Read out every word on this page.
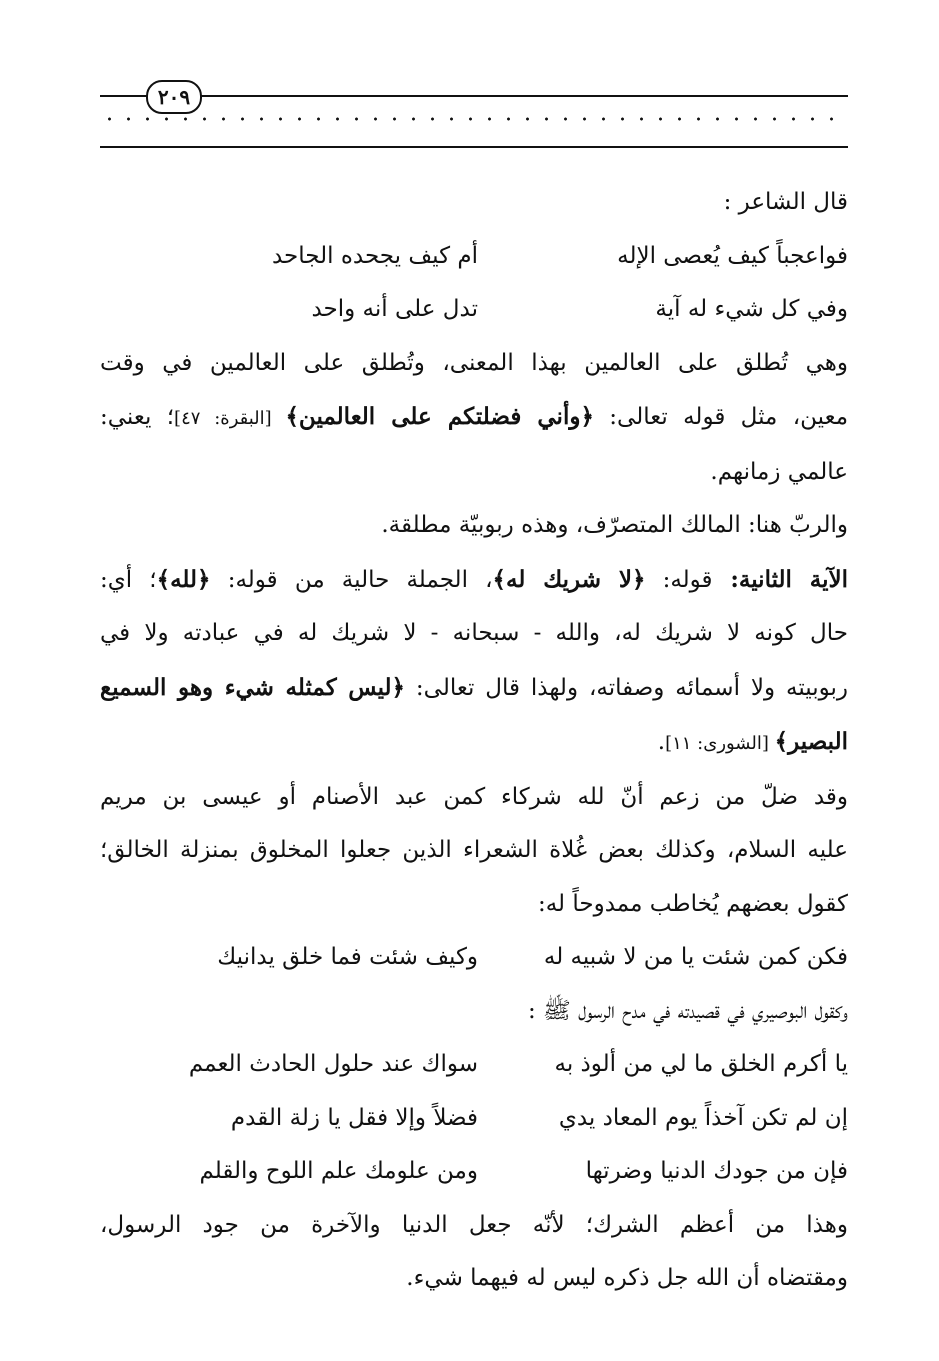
٢٠٩

قال الشاعر :

فواعجباً كيف يُعصى الإله
أم كيف يجحده الجاحد
وفي كل شيء له آية
تدل على أنه واحد

وهي تُطلق على العالمين بهذا المعنى، وتُطلق على العالمين في وقت

معين، مثل قوله تعالى: ﴿وأني فضلتكم على العالمين﴾ [البقرة: ٤٧]؛ يعني:

عالمي زمانهم.

والربّ هنا: المالك المتصرّف، وهذه ربوبيّة مطلقة.

الآية الثانية: قوله: ﴿لا شريك له﴾، الجملة حالية من قوله: ﴿لله﴾؛ أي:

حال كونه لا شريك له، والله - سبحانه - لا شريك له في عبادته ولا في

ربوبيته ولا أسمائه وصفاته، ولهذا قال تعالى: ﴿ليس كمثله شيء وهو السميع

البصير﴾ [الشورى: ١١].

وقد ضلّ من زعم أنّ لله شركاء كمن عبد الأصنام أو عيسى بن مريم

عليه السلام، وكذلك بعض غُلاة الشعراء الذين جعلوا المخلوق بمنزلة الخالق؛

كقول بعضهم يُخاطب ممدوحاً له:

فكن كمن شئت يا من لا شبيه له
وكيف شئت فما خلق يدانيك

وكقول البوصيري في قصيدته في مدح الرسول ﷺ :

يا أكرم الخلق ما لي من ألوذ به
سواك عند حلول الحادث العمم
إن لم تكن آخذاً يوم المعاد يدي
فضلاً وإلا فقل يا زلة القدم
فإن من جودك الدنيا وضرتها
ومن علومك علم اللوح والقلم

وهذا من أعظم الشرك؛ لأنّه جعل الدنيا والآخرة من جود الرسول،

ومقتضاه أن الله جل ذكره ليس له فيهما شيء.
